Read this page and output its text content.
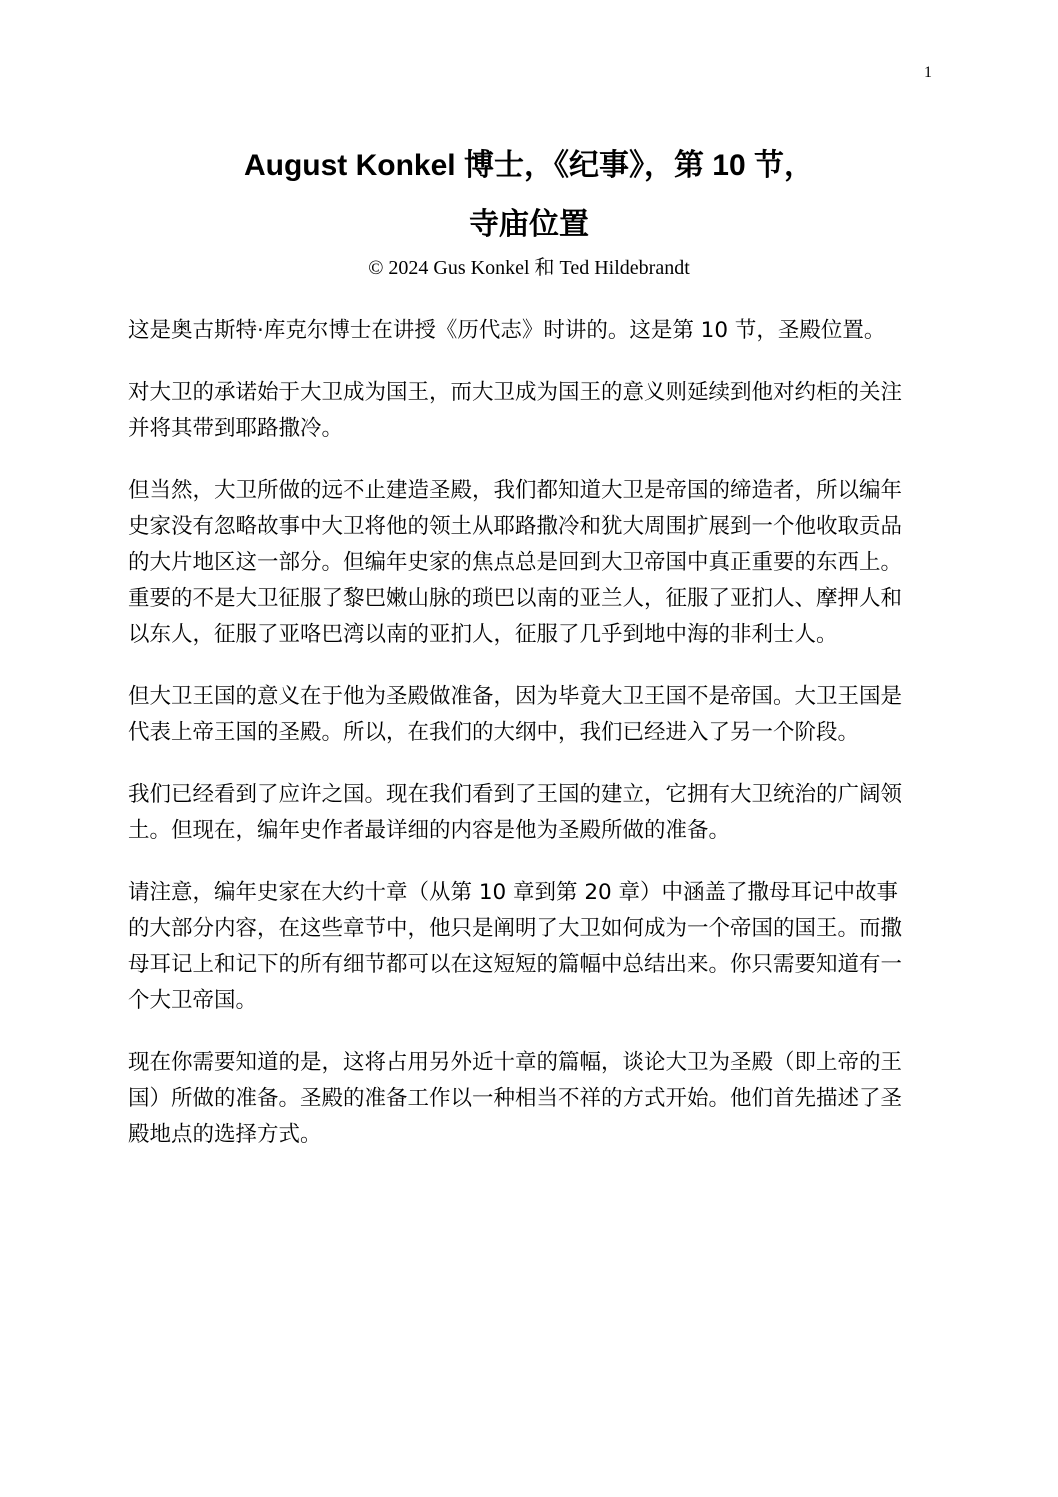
1
August Konkel 博士，《纪事》，第 10 节，
寺庙位置
© 2024 Gus Konkel 和 Ted Hildebrandt

这是奥古斯特·库克尔博士在讲授《历代志》时讲的。这是第 10 节，圣殿位置。

对大卫的承诺始于大卫成为国王，而大卫成为国王的意义则延续到他对约柜的关注并将其带到耶路撒冷。

但当然，大卫所做的远不止建造圣殿，我们都知道大卫是帝国的缔造者，所以编年史家没有忽略故事中大卫将他的领土从耶路撒冷和犹大周围扩展到一个他收取贡品的大片地区这一部分。但编年史家的焦点总是回到大卫帝国中真正重要的东西上。重要的不是大卫征服了黎巴嫩山脉的琐巴以南的亚兰人，征服了亚扪人、摩押人和以东人，征服了亚咯巴湾以南的亚扪人，征服了几乎到地中海的非利士人。

但大卫王国的意义在于他为圣殿做准备，因为毕竟大卫王国不是帝国。大卫王国是代表上帝王国的圣殿。所以，在我们的大纲中，我们已经进入了另一个阶段。

我们已经看到了应许之国。现在我们看到了王国的建立，它拥有大卫统治的广阔领土。但现在，编年史作者最详细的内容是他为圣殿所做的准备。

请注意，编年史家在大约十章（从第 10 章到第 20 章）中涵盖了撒母耳记中故事的大部分内容，在这些章节中，他只是阐明了大卫如何成为一个帝国的国王。而撒母耳记上和记下的所有细节都可以在这短短的篇幅中总结出来。你只需要知道有一个大卫帝国。

现在你需要知道的是，这将占用另外近十章的篇幅，谈论大卫为圣殿（即上帝的王国）所做的准备。圣殿的准备工作以一种相当不祥的方式开始。他们首先描述了圣殿地点的选择方式。
